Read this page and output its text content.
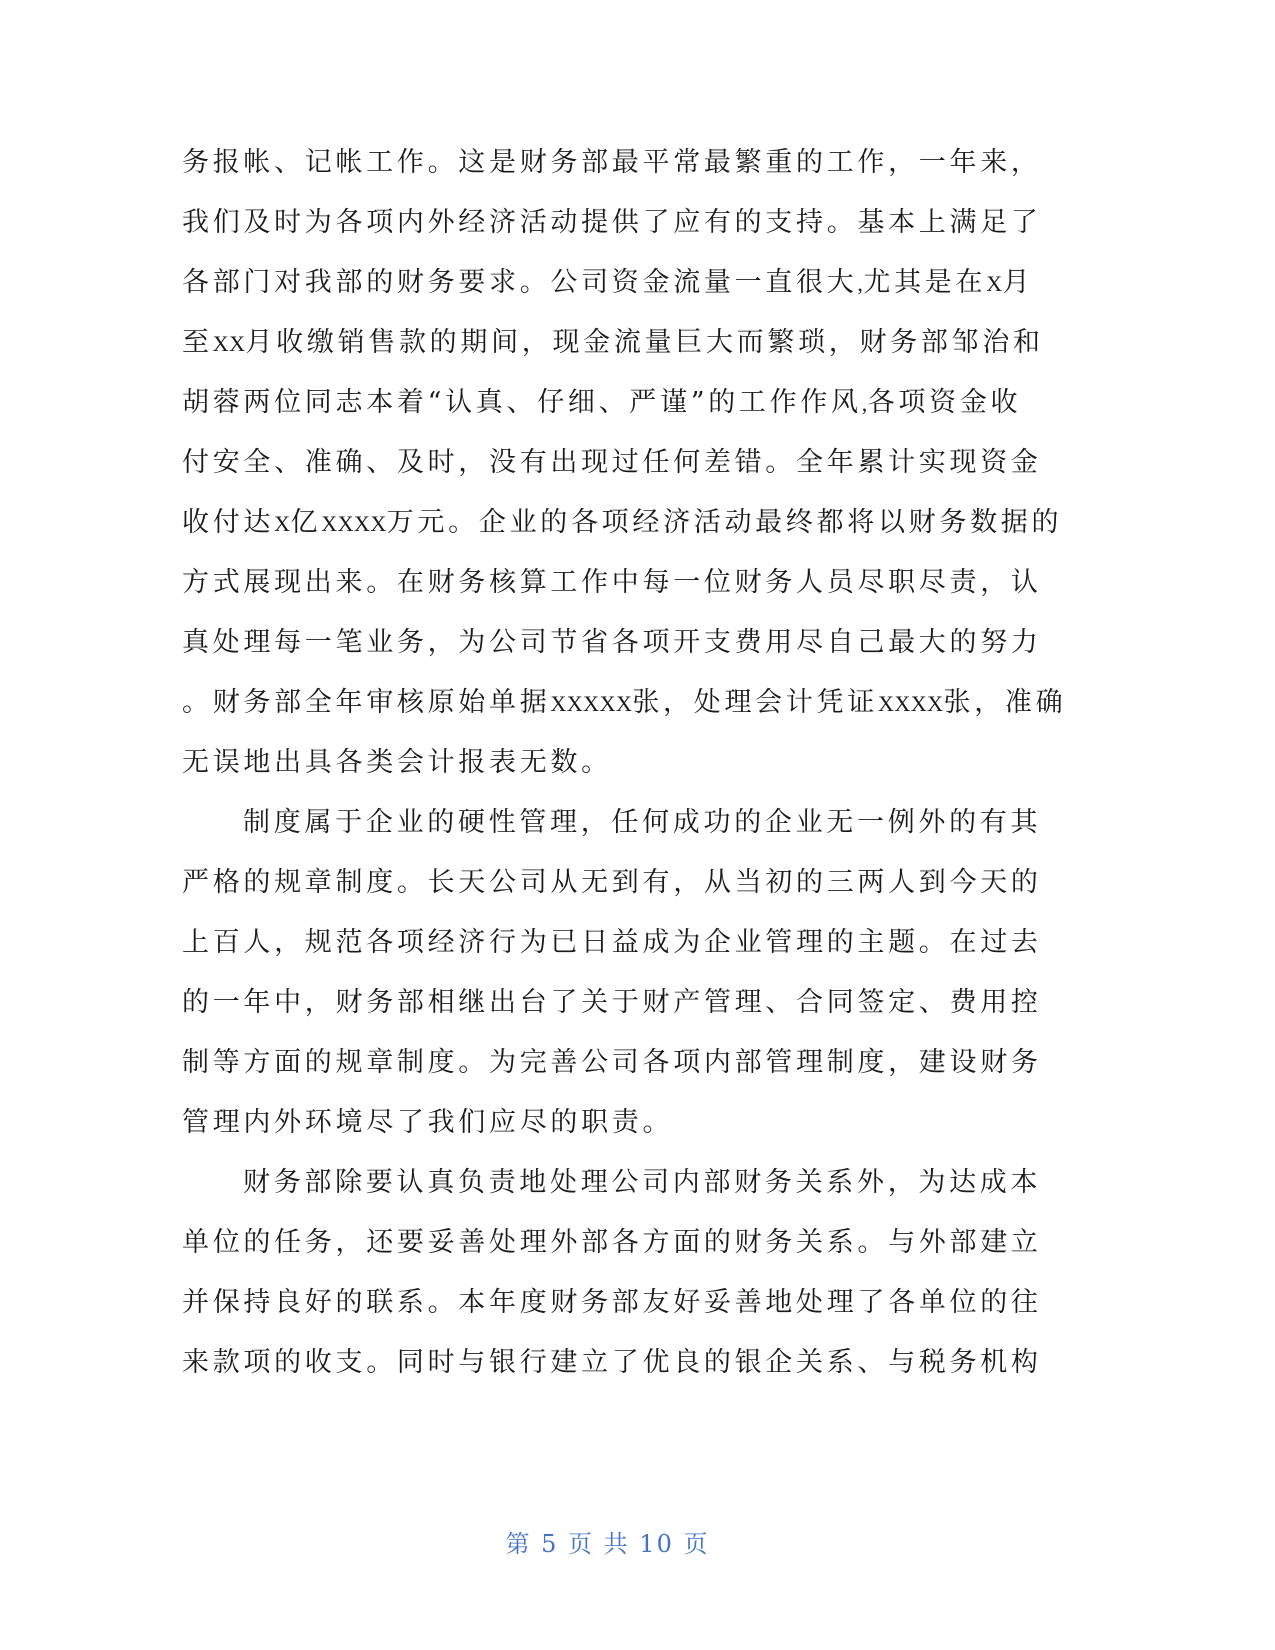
务报帐、记帐工作。这是财务部最平常最繁重的工作，一年来，
我们及时为各项内外经济活动提供了应有的支持。基本上满足了
各部门对我部的财务要求。公司资金流量一直很大,尤其是在X月
至XX月收缴销售款的期间，现金流量巨大而繁琐，财务部邹治和
胡蓉两位同志本着“认真、仔细、严谨”的工作作风,各项资金收
付安全、准确、及时，没有出现过任何差错。全年累计实现资金
收付达X亿XXXX万元。企业的各项经济活动最终都将以财务数据的
方式展现出来。在财务核算工作中每一位财务人员尽职尽责，认
真处理每一笔业务，为公司节省各项开支费用尽自己最大的努力
。财务部全年审核原始单据XXXXX张，处理会计凭证XXXX张，准确
无误地出具各类会计报表无数。
制度属于企业的硬性管理，任何成功的企业无一例外的有其
严格的规章制度。长天公司从无到有，从当初的三两人到今天的
上百人，规范各项经济行为已日益成为企业管理的主题。在过去
的一年中，财务部相继出台了关于财产管理、合同签定、费用控
制等方面的规章制度。为完善公司各项内部管理制度，建设财务
管理内外环境尽了我们应尽的职责。
财务部除要认真负责地处理公司内部财务关系外，为达成本
单位的任务，还要妥善处理外部各方面的财务关系。与外部建立
并保持良好的联系。本年度财务部友好妥善地处理了各单位的往
来款项的收支。同时与银行建立了优良的银企关系、与税务机构
第 5 页 共 10 页
